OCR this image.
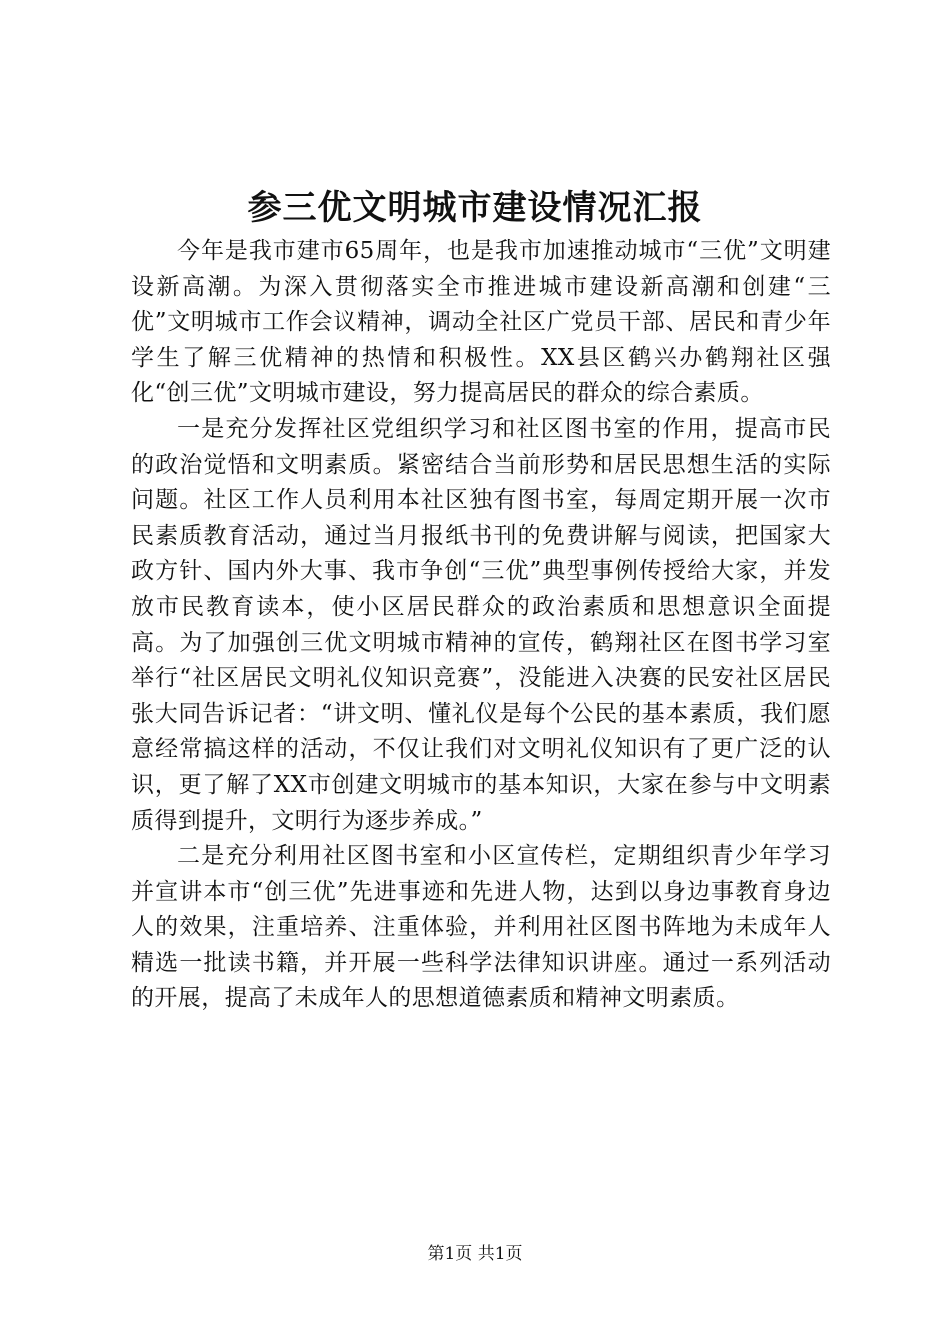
参三优文明城市建设情况汇报

今年是我市建市65周年，也是我市加速推动城市“三优”文明建设新高潮。为深入贯彻落实全市推进城市建设新高潮和创建“三优”文明城市工作会议精神，调动全社区广党员干部、居民和青少年学生了解三优精神的热情和积极性。XX县区鹤兴办鹤翔社区强化“创三优”文明城市建设，努力提高居民的群众的综合素质。

一是充分发挥社区党组织学习和社区图书室的作用，提高市民的政治觉悟和文明素质。紧密结合当前形势和居民思想生活的实际问题。社区工作人员利用本社区独有图书室，每周定期开展一次市民素质教育活动，通过当月报纸书刊的免费讲解与阅读，把国家大政方针、国内外大事、我市争创“三优”典型事例传授给大家，并发放市民教育读本，使小区居民群众的政治素质和思想意识全面提高。为了加强创三优文明城市精神的宣传，鹤翔社区在图书学习室举行“社区居民文明礼仪知识竞赛”，没能进入决赛的民安社区居民张大同告诉记者：“讲文明、懂礼仪是每个公民的基本素质，我们愿意经常搞这样的活动，不仅让我们对文明礼仪知识有了更广泛的认识，更了解了XX市创建文明城市的基本知识，大家在参与中文明素质得到提升，文明行为逐步养成。”

二是充分利用社区图书室和小区宣传栏，定期组织青少年学习并宣讲本市“创三优”先进事迹和先进人物，达到以身边事教育身边人的效果，注重培养、注重体验，并利用社区图书阵地为未成年人精选一批读书籍，并开展一些科学法律知识讲座。通过一系列活动的开展，提高了未成年人的思想道德素质和精神文明素质。

第1页 共1页
